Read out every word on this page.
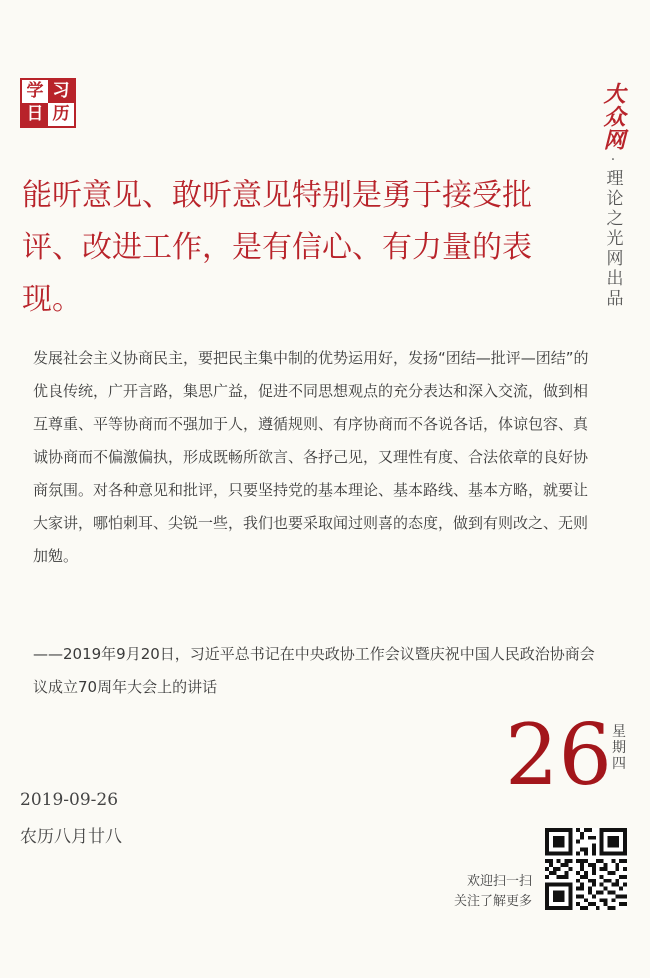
学 习
日 历	大众网
·
理论之光网出品

能听意见、敢听意见特别是勇于接受批评、改进工作，是有信心、有力量的表现。

发展社会主义协商民主，要把民主集中制的优势运用好，发扬“团结—批评—团结”的优良传统，广开言路，集思广益，促进不同思想观点的充分表达和深入交流，做到相互尊重、平等协商而不强加于人，遵循规则、有序协商而不各说各话，体谅包容、真诚协商而不偏激偏执，形成既畅所欲言、各抒己见，又理性有度、合法依章的良好协商氛围。对各种意见和批评，只要坚持党的基本理论、基本路线、基本方略，就要让大家讲，哪怕刺耳、尖锐一些，我们也要采取闻过则喜的态度，做到有则改之、无则加勉。

——2019年9月20日，习近平总书记在中央政协工作会议暨庆祝中国人民政治协商会议成立70周年大会上的讲话

26 星期四
2019-09-26
农历八月廿八
欢迎扫一扫
关注了解更多
